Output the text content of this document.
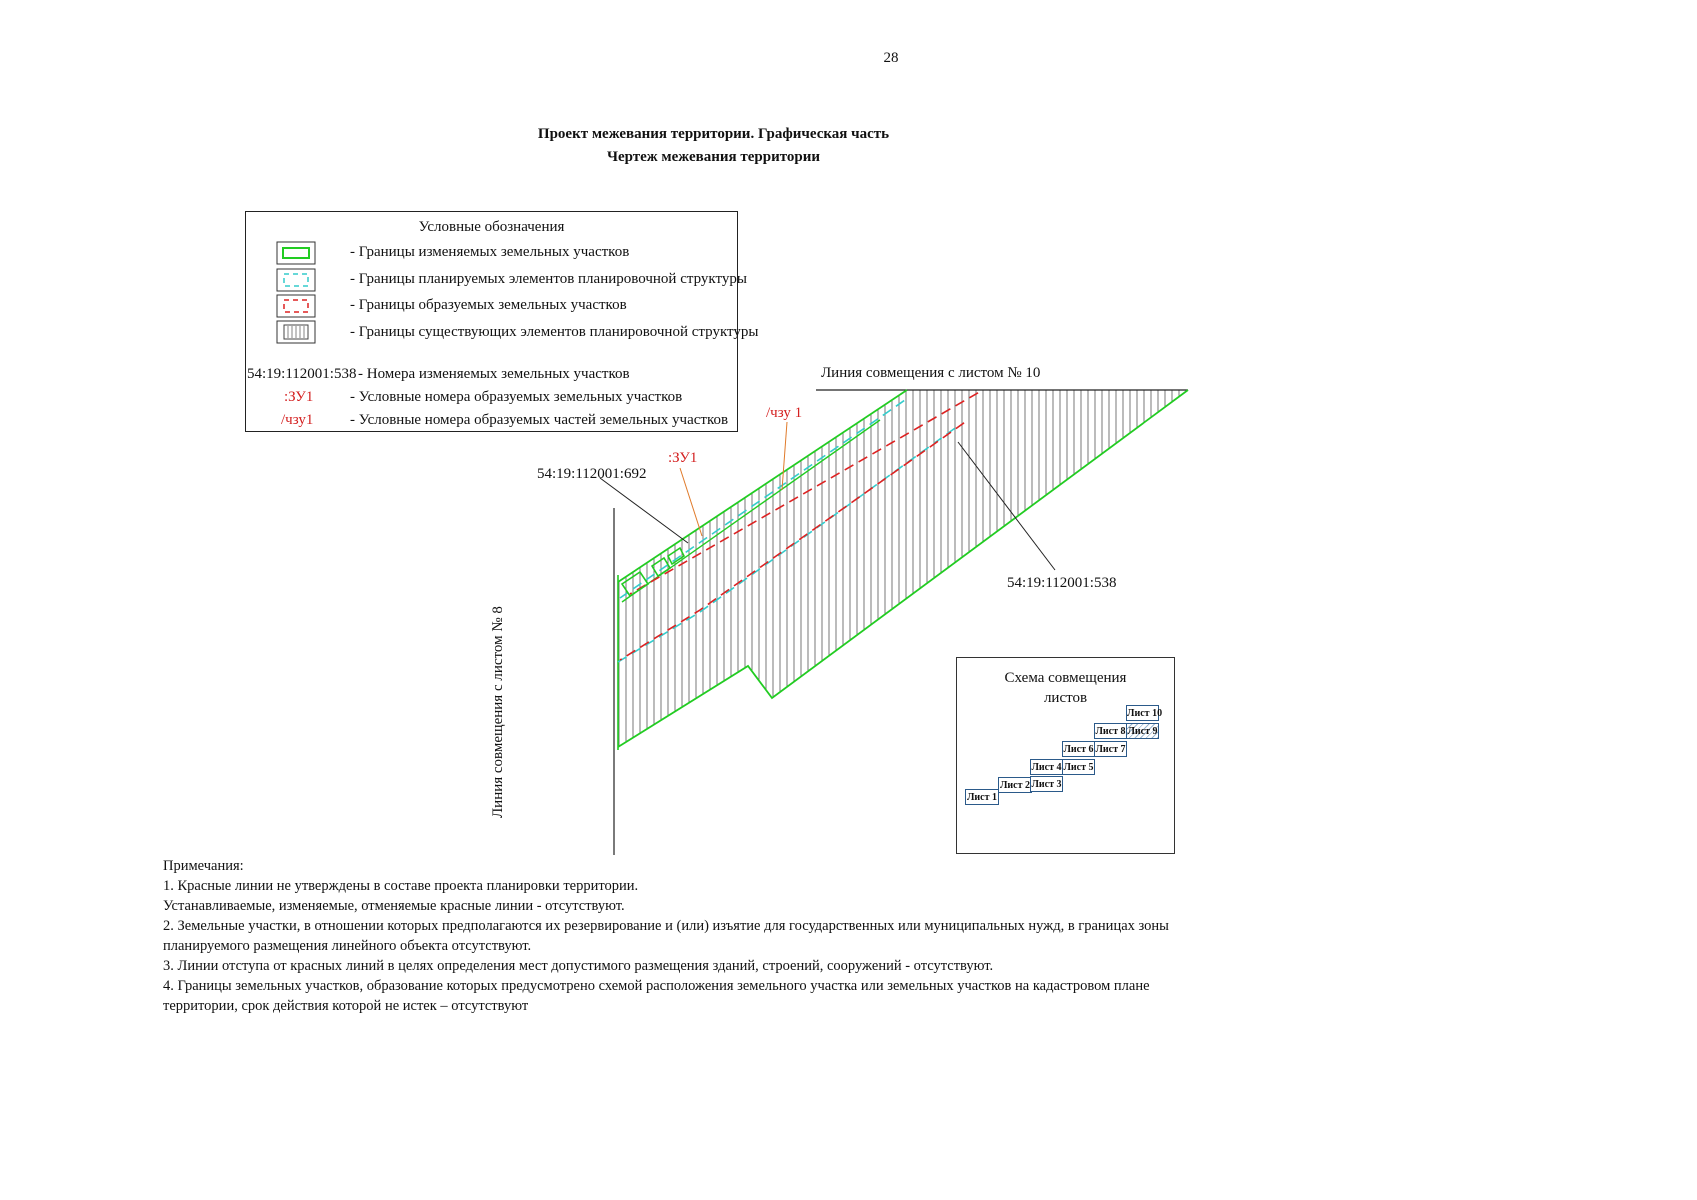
28
Проект межевания территории. Графическая часть
Чертеж межевания территории
Условные обозначения
- Границы изменяемых земельных участков
- Границы планируемых элементов планировочной структуры
- Границы образуемых земельных участков
- Границы существующих элементов планировочной структуры
54:19:112001:538 - Номера изменяемых земельных участков
:ЗУ1 - Условные номера образуемых земельных участков
/чзу1 - Условные номера образуемых частей земельных участков
Линия совмещения с листом № 10
/чзу 1
:ЗУ1
54:19:112001:692
54:19:112001:538
Линия совмещения с листом № 8	Схема совмещения листов
Лист 1
Лист 2 Лист 3
Лист 4 Лист 5
Лист 6 Лист 7
Лист 8 Лист 9
Лист 10

Примечания:

1. Красные линии не утверждены в составе проекта планировки территории.

Устанавливаемые, изменяемые, отменяемые красные линии - отсутствуют.

2. Земельные участки, в отношении которых предполагаются их резервирование и (или) изъятие для государственных или муниципальных нужд, в границах зоны планируемого размещения линейного объекта отсутствуют.

3. Линии отступа от красных линий в целях определения мест допустимого размещения зданий, строений, сооружений - отсутствуют.

4. Границы земельных участков, образование которых предусмотрено схемой расположения земельного участка или земельных участков на кадастровом плане территории, срок действия которой не истек – отсутствуют
